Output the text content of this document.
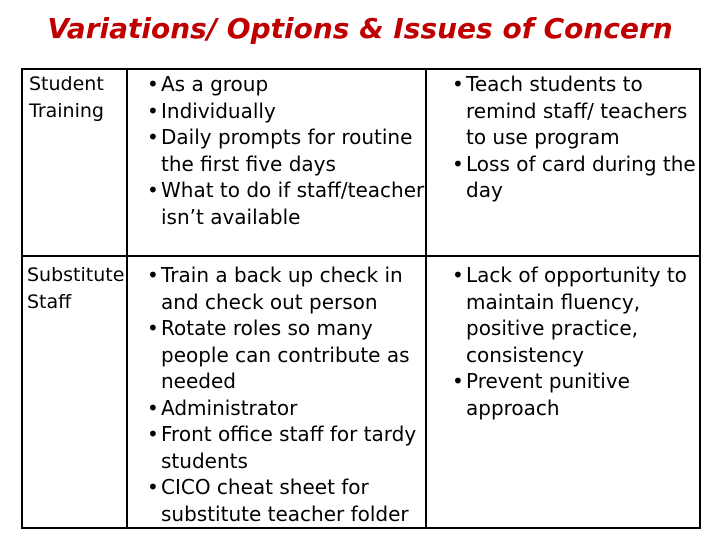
Variations/ Options & Issues of Concern
Student
Training
• As a group
• Individually
• Daily prompts for routine the first five days
• What to do if staff/teacher isn’t available
• Teach students to remind staff/ teachers to use program
• Loss of card during the day
Substitute
Staff
• Train a back up check in and check out person
• Rotate roles so many people can contribute as needed
• Administrator
• Front office staff for tardy students
• CICO cheat sheet for substitute teacher folder
• Lack of opportunity to maintain fluency, positive practice, consistency
• Prevent punitive approach
